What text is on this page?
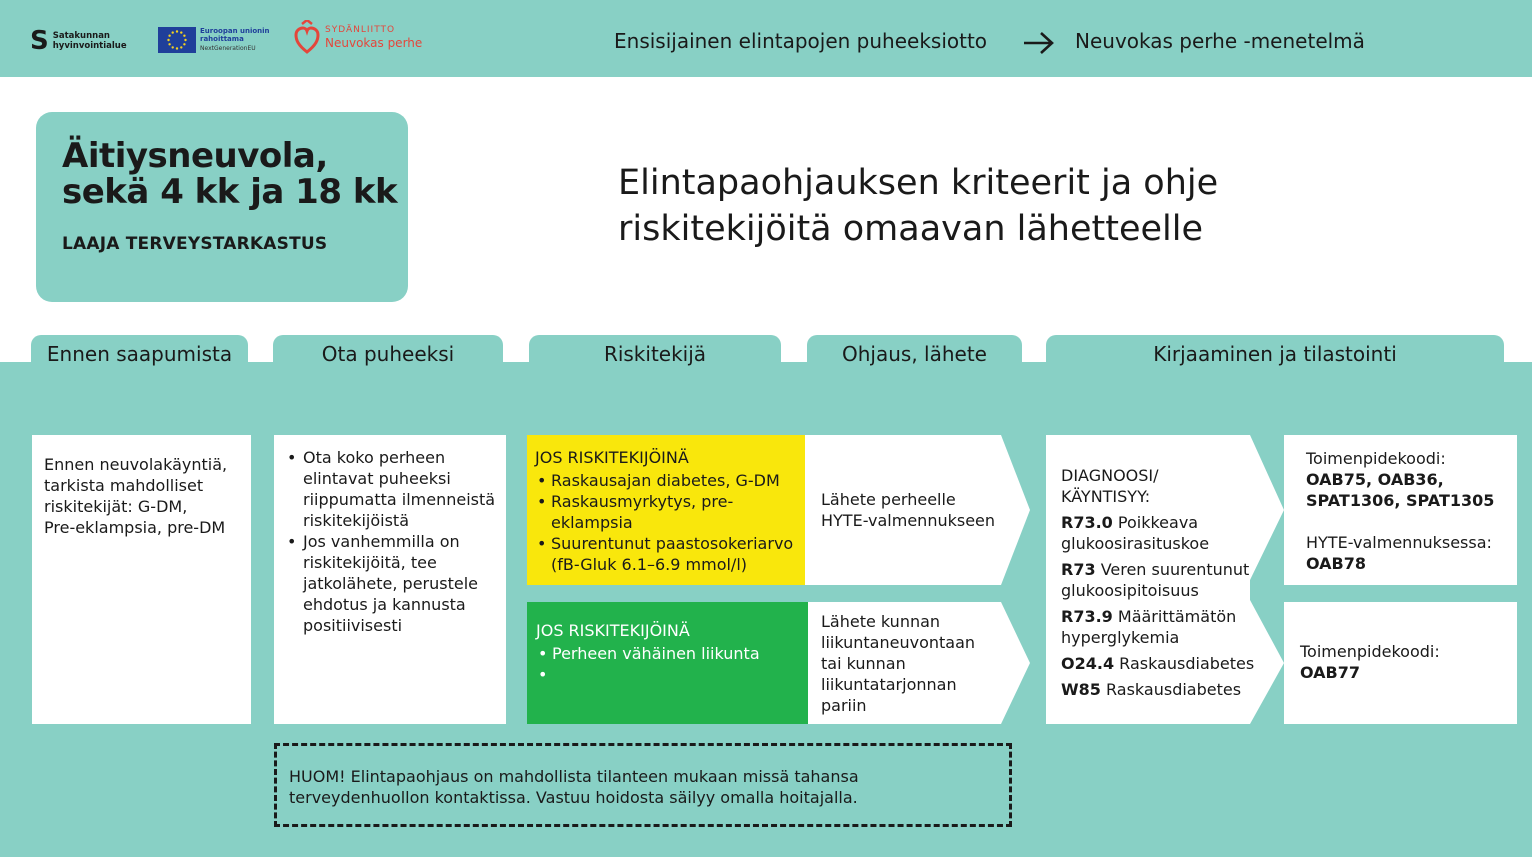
S Satakunnan
hyvinvointialue
Euroopan unionin
rahoittama
NextGenerationEU
SYDÄNLIITTO
Neuvokas perhe	Ensisijainen elintapojen puheeksiotto	Neuvokas perhe -menetelmä
Äitiysneuvola,
sekä 4 kk ja 18 kk
LAAJA TERVEYSTARKASTUS
Elintapaohjauksen kriteerit ja ohje
riskitekijöitä omaavan lähetteelle
Ennen saapumista	Ota puheeksi	Riskitekijä	Ohjaus, lähete	Kirjaaminen ja tilastointi
Ennen neuvolakäyntiä,
tarkista mahdolliset
riskitekijät: G-DM,
Pre-eklampsia, pre-DM
• Ota koko perheen
elintavat puheeksi
riippumatta ilmenneistä
riskitekijöistä
• Jos vanhemmilla on
riskitekijöitä, tee
jatkolähete, perustele
ehdotus ja kannusta
positiivisesti
JOS RISKITEKIJÖINÄ
• Raskausajan diabetes, G-DM
• Raskausmyrkytys, pre-
eklampsia
• Suurentunut paastosokeriarvo
(fB-Gluk 6.1–6.9 mmol/l)
JOS RISKITEKIJÖINÄ
• Perheen vähäinen liikunta
•

Lähete perheelle
HYTE-valmennukseen
Lähete kunnan
liikuntaneuvontaan
tai kunnan
liikuntatarjonnan
pariin
DIAGNOOSI/
KÄYNTISYY:
R73.0 Poikkeava
glukoosirasituskoe
R73 Veren suurentunut
glukoosipitoisuus
R73.9 Määrittämätön
hyperglykemia
O24.4 Raskausdiabetes
W85 Raskausdiabetes
Toimenpidekoodi:
OAB75, OAB36,
SPAT1306, SPAT1305
HYTE-valmennuksessa:
OAB78
Toimenpidekoodi:
OAB77
HUOM! Elintapaohjaus on mahdollista tilanteen mukaan missä tahansa
terveydenhuollon kontaktissa. Vastuu hoidosta säilyy omalla hoitajalla.
